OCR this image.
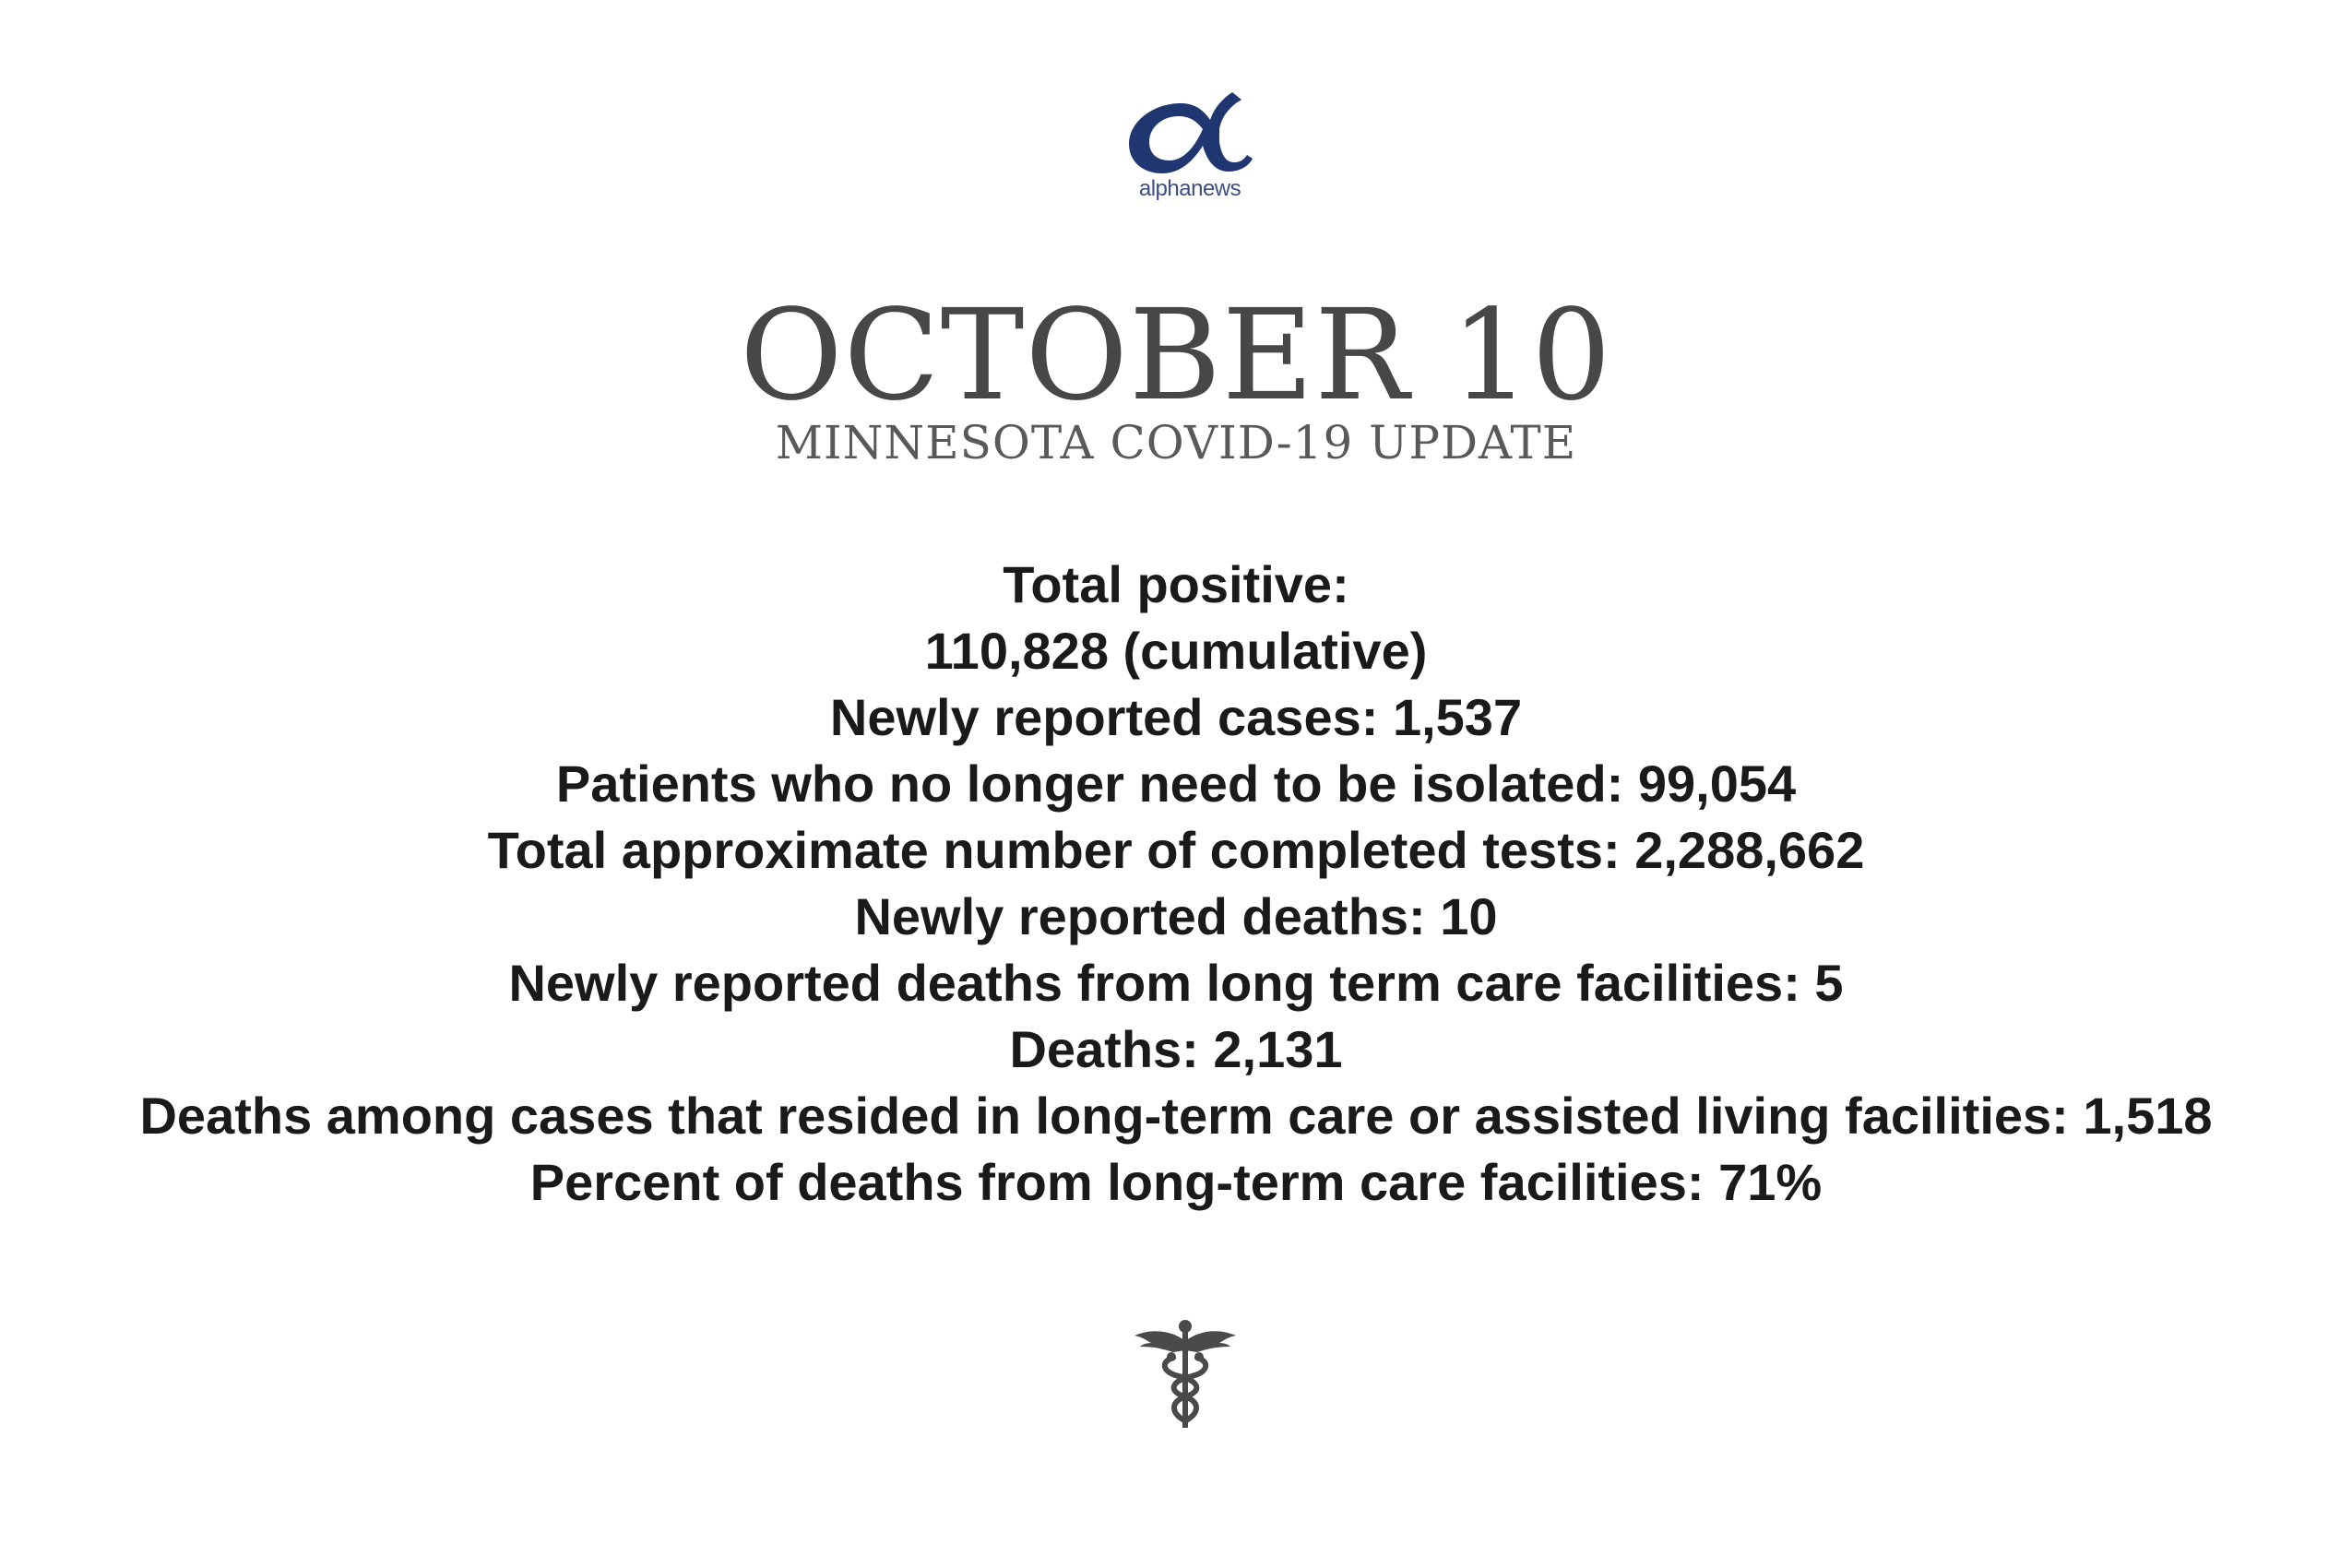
alphanews
OCTOBER 10
MINNESOTA COVID-19 UPDATE
Total positive:
110,828 (cumulative)
Newly reported cases: 1,537
Patients who no longer need to be isolated: 99,054
Total approximate number of completed tests: 2,288,662
Newly reported deaths: 10
Newly reported deaths from long term care facilities: 5
Deaths: 2,131
Deaths among cases that resided in long-term care or assisted living facilities: 1,518
Percent of deaths from long-term care facilities: 71%
